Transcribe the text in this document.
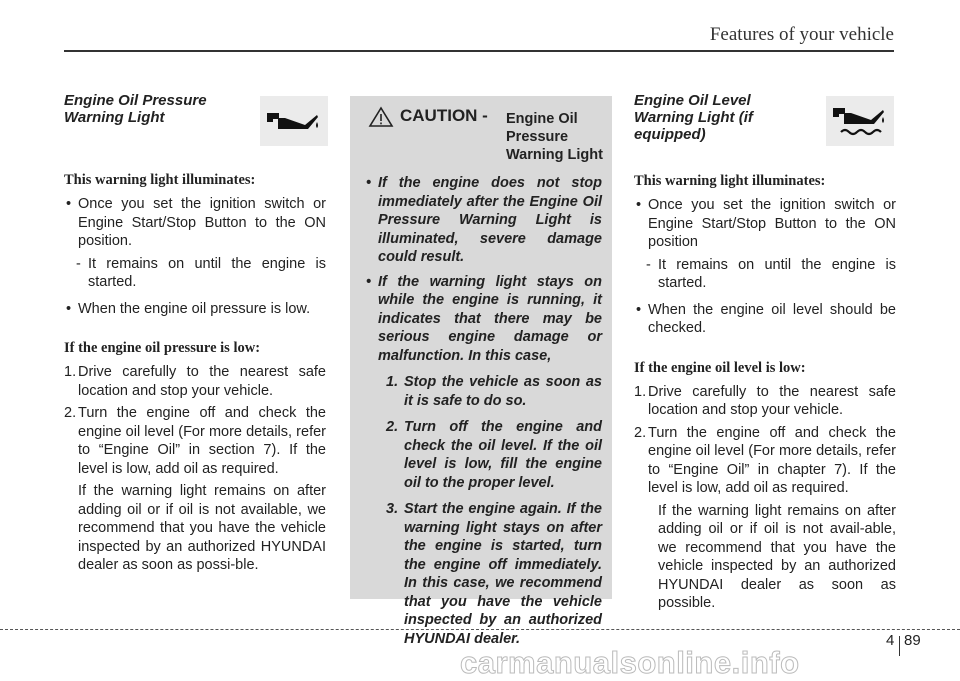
Features of your vehicle
Engine Oil Pressure Warning Light
This warning light illuminates:
• Once you set the ignition switch or Engine Start/Stop Button to the ON position.
- It remains on until the engine is started.
• When the engine oil pressure is low.
If the engine oil pressure is low:
1. Drive carefully to the nearest safe location and stop your vehicle.
2. Turn the engine off and check the engine oil level (For more details, refer to “Engine Oil” in section 7). If the level is low, add oil as required.
If the warning light remains on after adding oil or if oil is not available, we recommend that you have the vehicle inspected by an authorized HYUNDAI dealer as soon as possi-ble.
CAUTION - Engine Oil Pressure Warning Light
• If the engine does not stop immediately after the Engine Oil Pressure Warning Light is illuminated, severe damage could result.
• If the warning light stays on while the engine is running, it indicates that there may be serious engine damage or malfunction. In this case,
1. Stop the vehicle as soon as it is safe to do so.
2. Turn off the engine and check the oil level. If the oil level is low, fill the engine oil to the proper level.
3. Start the engine again. If the warning light stays on after the engine is started, turn the engine off immediately. In this case, we recommend that you have the vehicle inspected by an authorized HYUNDAI dealer.
Engine Oil Level Warning Light (if equipped)
This warning light illuminates:
• Once you set the ignition switch or Engine Start/Stop Button to the ON position
- It remains on until the engine is started.
• When the engine oil level should be checked.
If the engine oil level is low:
1. Drive carefully to the nearest safe location and stop your vehicle.
2. Turn the engine off and check the engine oil level (For more details, refer to “Engine Oil” in chapter 7). If the level is low, add oil as required.
If the warning light remains on after adding oil or if oil is not avail-able, we recommend that you have the vehicle inspected by an authorized HYUNDAI dealer as soon as possible.
4 89
carmanualsonline.info
